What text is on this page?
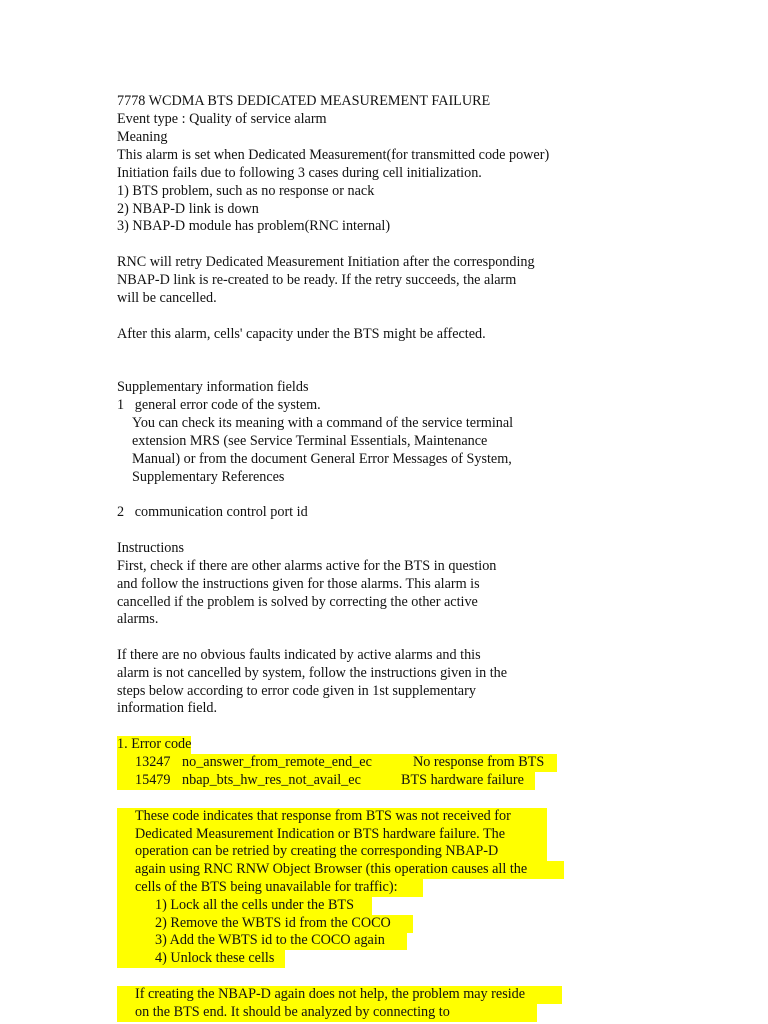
7778 WCDMA BTS DEDICATED MEASUREMENT FAILURE
Event type : Quality of service alarm
Meaning
This alarm is set when Dedicated Measurement(for transmitted code power)
Initiation fails due to following 3 cases during cell initialization.
1) BTS problem, such as no response or nack
2) NBAP-D link is down
3) NBAP-D module has problem(RNC internal)
RNC will retry Dedicated Measurement Initiation after the corresponding
NBAP-D link is re-created to be ready. If the retry succeeds, the alarm
will be cancelled.
After this alarm, cells' capacity under the BTS might be affected.
Supplementary information fields
1   general error code of the system.
You can check its meaning with a command of the service terminal
extension MRS (see Service Terminal Essentials, Maintenance
Manual) or from the document General Error Messages of System,
Supplementary References
2   communication control port id
Instructions
First, check if there are other alarms active for the BTS in question
and follow the instructions given for those alarms. This alarm is
cancelled if the problem is solved by correcting the other active
alarms.
If there are no obvious faults indicated by active alarms and this
alarm is not cancelled by system, follow the instructions given in the
steps below according to error code given in 1st supplementary
information field.
1. Error code
13247 no_answer_from_remote_end_ec	No response from BTS
15479 nbap_bts_hw_res_not_avail_ec	BTS hardware failure
These code indicates that response from BTS was not received for
Dedicated Measurement Indication or BTS hardware failure. The
operation can be retried by creating the corresponding NBAP-D
again using RNC RNW Object Browser (this operation causes all the
cells of the BTS being unavailable for traffic):
1) Lock all the cells under the BTS
2) Remove the WBTS id from the COCO
3) Add the WBTS id to the COCO again
4) Unlock these cells
If creating the NBAP-D again does not help, the problem may reside
on the BTS end. It should be analyzed by connecting to
